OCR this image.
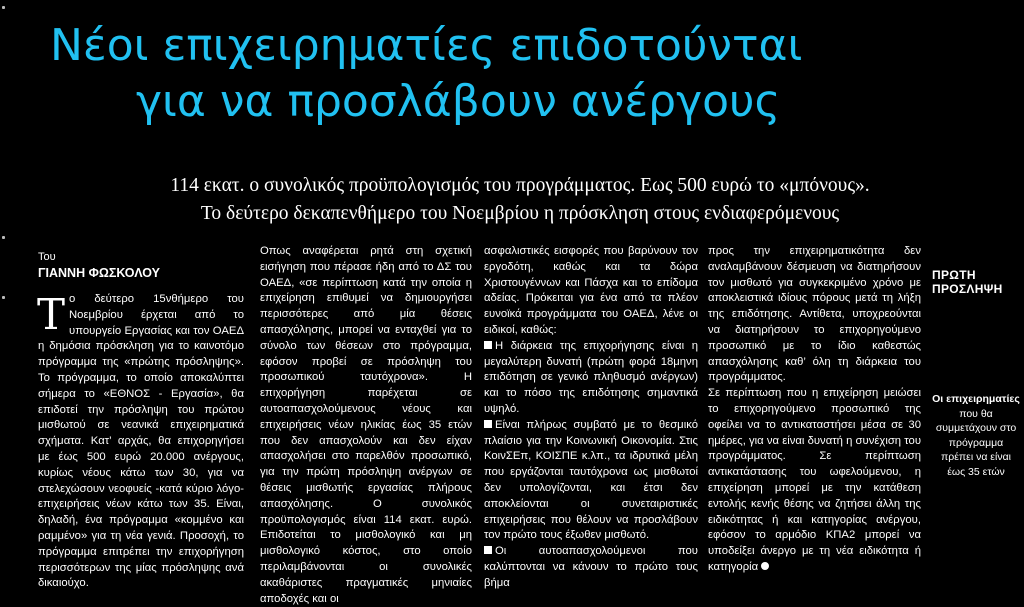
Νέοι επιχειρηματίες επιδοτούνται
για να προσλάβουν ανέργους
114 εκατ. ο συνολικός προϋπολογισμός του προγράμματος. Εως 500 ευρώ το «μπόνους».
Το δεύτερο δεκαπενθήμερο του Νοεμβρίου η πρόσκληση στους ενδιαφερόμενους
Του
ΓΙΑΝΝΗ ΦΩΣΚΟΛΟΥ

Το δεύτερο 15νθήμερο του Νοεμβρίου έρχεται από το υπουργείο Εργασίας και τον ΟΑΕΔ η δημόσια πρόσκληση για το καινοτόμο πρόγραμμα της «πρώτης πρόσληψης». Το πρόγραμμα, το οποίο αποκαλύπτει σήμερα το «ΕΘΝΟΣ - Εργασία», θα επιδοτεί την πρόσληψη του πρώτου μισθωτού σε νεανικά επιχειρηματικά σχήματα. Κατ’ αρχάς, θα επιχορηγήσει με έως 500 ευρώ 20.000 ανέργους, κυρίως νέους κάτω των 30, για να στελεχώσουν νεοφυείς -κατά κύριο λόγο- επιχειρήσεις νέων κάτω των 35. Είναι, δηλαδή, ένα πρόγραμμα «κομμένο και ραμμένο» για τη νέα γενιά. Προσοχή, το πρόγραμμα επιτρέπει την επιχορήγηση περισσότερων της μίας πρόσληψης ανά δικαιούχο.

Οπως αναφέρεται ρητά στη σχετική εισήγηση που πέρασε ήδη από το ΔΣ του ΟΑΕΔ, «σε περίπτωση κατά την οποία η επιχείρηση επιθυμεί να δημιουργήσει περισσότερες από μία θέσεις απασχόλησης, μπορεί να ενταχθεί για το σύνολο των θέσεων στο πρόγραμμα, εφόσον προβεί σε πρόσληψη του προσωπικού ταυτόχρονα». Η επιχορήγηση παρέχεται σε αυτοαπασχολούμενους νέους και επιχειρήσεις νέων ηλικίας έως 35 ετών που δεν απασχολούν και δεν είχαν απασχολήσει στο παρελθόν προσωπικό, για την πρώτη πρόσληψη ανέργων σε θέσεις μισθωτής εργασίας πλήρους απασχόλησης. Ο συνολικός προϋπολογισμός είναι 114 εκατ. ευρώ. Επιδοτείται το μισθολογικό και μη μισθολογικό κόστος, στο οποίο περιλαμβάνονται οι συνολικές ακαθάριστες πραγματικές μηνιαίες αποδοχές και οι

ασφαλιστικές εισφορές που βαρύνουν τον εργοδότη, καθώς και τα δώρα Χριστουγέννων και Πάσχα και το επίδομα αδείας. Πρόκειται για ένα από τα πλέον ευνοϊκά προγράμματα του ΟΑΕΔ, λένε οι ειδικοί, καθώς:

Η διάρκεια της επιχορήγησης είναι η μεγαλύτερη δυνατή (πρώτη φορά 18μηνη επιδότηση σε γενικό πληθυσμό ανέργων) και το πόσο της επιδότησης σημαντικά υψηλό.

Είναι πλήρως συμβατό με το θεσμικό πλαίσιο για την Κοινωνική Οικονομία. Στις ΚοινΣΕπ, ΚΟΙΣΠΕ κ.λπ., τα ιδρυτικά μέλη που εργάζονται ταυτόχρονα ως μισθωτοί δεν υπολογίζονται, και έτσι δεν αποκλείονται οι συνεταιριστικές επιχειρήσεις που θέλουν να προσλάβουν τον πρώτο τους έξωθεν μισθωτό.

Οι αυτοαπασχολούμενοι που καλύπτονται να κάνουν το πρώτο τους βήμα

προς την επιχειρηματικότητα δεν αναλαμβάνουν δέσμευση να διατηρήσουν τον μισθωτό για συγκεκριμένο χρόνο με αποκλειστικά ιδίους πόρους μετά τη λήξη της επιδότησης. Αντίθετα, υποχρεούνται να διατηρήσουν το επιχορηγούμενο προσωπικό με το ίδιο καθεστώς απασχόλησης καθ’ όλη τη διάρκεια του προγράμματος.

Σε περίπτωση που η επιχείρηση μειώσει το επιχορηγούμενο προσωπικό της οφείλει να το αντικαταστήσει μέσα σε 30 ημέρες, για να είναι δυνατή η συνέχιση του προγράμματος. Σε περίπτωση αντικατάστασης του ωφελούμενου, η επιχείρηση μπορεί με την κατάθεση εντολής κενής θέσης να ζητήσει άλλη της ειδικότητας ή και κατηγορίας ανέργου, εφόσον το αρμόδιο ΚΠΑ2 μπορεί να υποδείξει άνεργο με τη νέα ειδικότητα ή κατηγορία

ΠΡΩΤΗ
ΠΡΟΣΛΗΨΗ
Οι επιχειρηματίες που θα συμμετάχουν στο πρόγραμμα πρέπει να είναι έως 35 ετών
